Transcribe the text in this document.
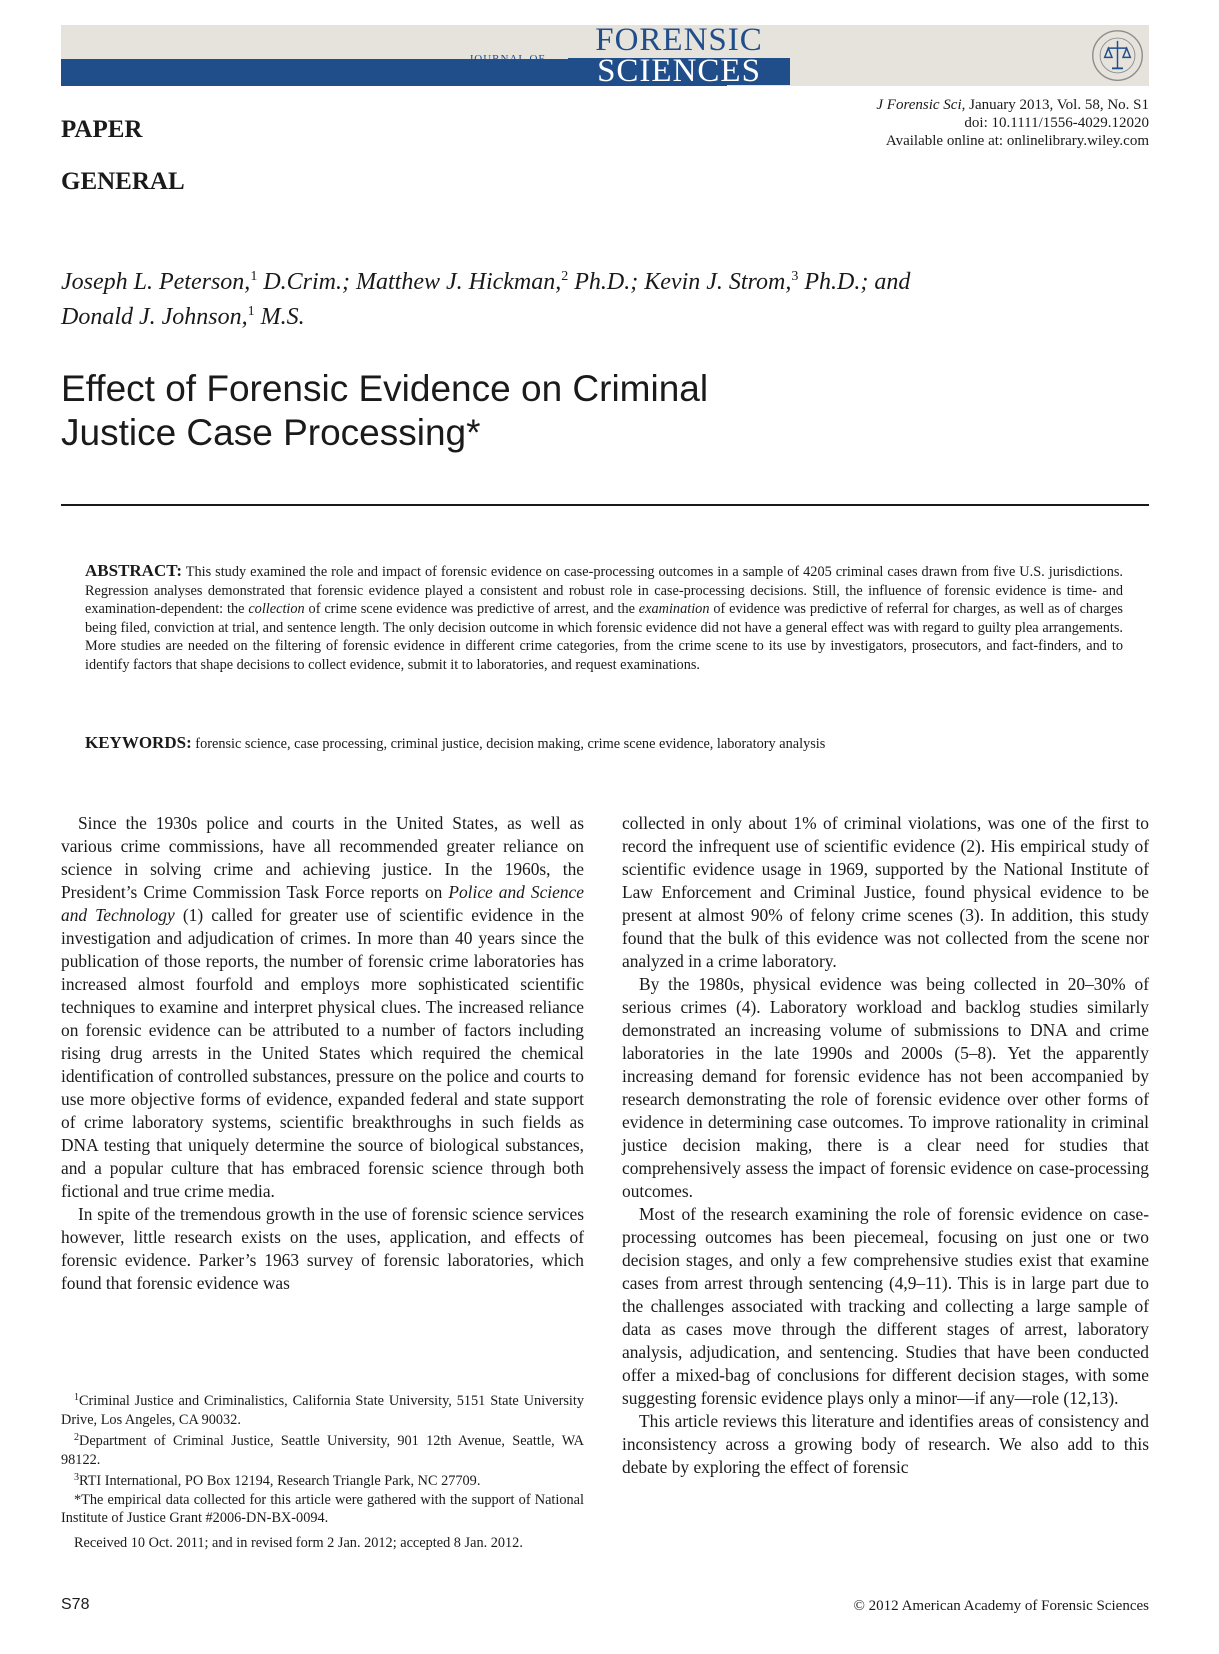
JOURNAL OF
FORENSIC
SCIENCES
J Forensic Sci, January 2013, Vol. 58, No. S1
doi: 10.1111/1556-4029.12020
Available online at: onlinelibrary.wiley.com
PAPER
GENERAL
Joseph L. Peterson,$^1$ D.Crim.; Matthew J. Hickman,$^2$ Ph.D.; Kevin J. Strom,$^3$ Ph.D.; and
Donald J. Johnson,$^1$ M.S.
Effect of Forensic Evidence on Criminal Justice Case Processing*
ABSTRACT: This study examined the role and impact of forensic evidence on case-processing outcomes in a sample of 4205 criminal cases drawn from five U.S. jurisdictions. Regression analyses demonstrated that forensic evidence played a consistent and robust role in case-processing decisions. Still, the influence of forensic evidence is time- and examination-dependent: the collection of crime scene evidence was predictive of arrest, and the examination of evidence was predictive of referral for charges, as well as of charges being filed, conviction at trial, and sentence length. The only decision outcome in which forensic evidence did not have a general effect was with regard to guilty plea arrangements. More studies are needed on the filtering of forensic evidence in different crime categories, from the crime scene to its use by investigators, prosecutors, and fact-finders, and to identify factors that shape decisions to collect evidence, submit it to laboratories, and request examinations.
KEYWORDS: forensic science, case processing, criminal justice, decision making, crime scene evidence, laboratory analysis

Since the 1930s police and courts in the United States, as well as various crime commissions, have all recommended greater reliance on science in solving crime and achieving justice. In the 1960s, the President’s Crime Commission Task Force reports on Police and Science and Technology (1) called for greater use of scientific evidence in the investigation and adjudication of crimes. In more than 40 years since the publication of those reports, the number of forensic crime laboratories has increased almost fourfold and employs more sophisticated scientific techniques to examine and interpret physical clues. The increased reliance on forensic evidence can be attributed to a number of factors including rising drug arrests in the United States which required the chemical identification of controlled substances, pressure on the police and courts to use more objective forms of evidence, expanded federal and state support of crime laboratory systems, scientific breakthroughs in such fields as DNA testing that uniquely determine the source of biological substances, and a popular culture that has embraced forensic science through both fictional and true crime media.

In spite of the tremendous growth in the use of forensic science services however, little research exists on the uses, application, and effects of forensic evidence. Parker’s 1963 survey of forensic laboratories, which found that forensic evidence was

collected in only about 1% of criminal violations, was one of the first to record the infrequent use of scientific evidence (2). His empirical study of scientific evidence usage in 1969, supported by the National Institute of Law Enforcement and Criminal Justice, found physical evidence to be present at almost 90% of felony crime scenes (3). In addition, this study found that the bulk of this evidence was not collected from the scene nor analyzed in a crime laboratory.

By the 1980s, physical evidence was being collected in 20–30% of serious crimes (4). Laboratory workload and backlog studies similarly demonstrated an increasing volume of submissions to DNA and crime laboratories in the late 1990s and 2000s (5–8). Yet the apparently increasing demand for forensic evidence has not been accompanied by research demonstrating the role of forensic evidence over other forms of evidence in determining case outcomes. To improve rationality in criminal justice decision making, there is a clear need for studies that comprehensively assess the impact of forensic evidence on case-processing outcomes.

Most of the research examining the role of forensic evidence on case-processing outcomes has been piecemeal, focusing on just one or two decision stages, and only a few comprehensive studies exist that examine cases from arrest through sentencing (4,9–11). This is in large part due to the challenges associated with tracking and collecting a large sample of data as cases move through the different stages of arrest, laboratory analysis, adjudication, and sentencing. Studies that have been conducted offer a mixed-bag of conclusions for different decision stages, with some suggesting forensic evidence plays only a minor—if any—role (12,13).

This article reviews this literature and identifies areas of consistency and inconsistency across a growing body of research. We also add to this debate by exploring the effect of forensic

$^1$Criminal Justice and Criminalistics, California State University, 5151 State University Drive, Los Angeles, CA 90032.

$^2$Department of Criminal Justice, Seattle University, 901 12th Avenue, Seattle, WA 98122.

$^3$RTI International, PO Box 12194, Research Triangle Park, NC 27709.

*The empirical data collected for this article were gathered with the support of National Institute of Justice Grant #2006-DN-BX-0094.

Received 10 Oct. 2011; and in revised form 2 Jan. 2012; accepted 8 Jan. 2012.

S78	© 2012 American Academy of Forensic Sciences
